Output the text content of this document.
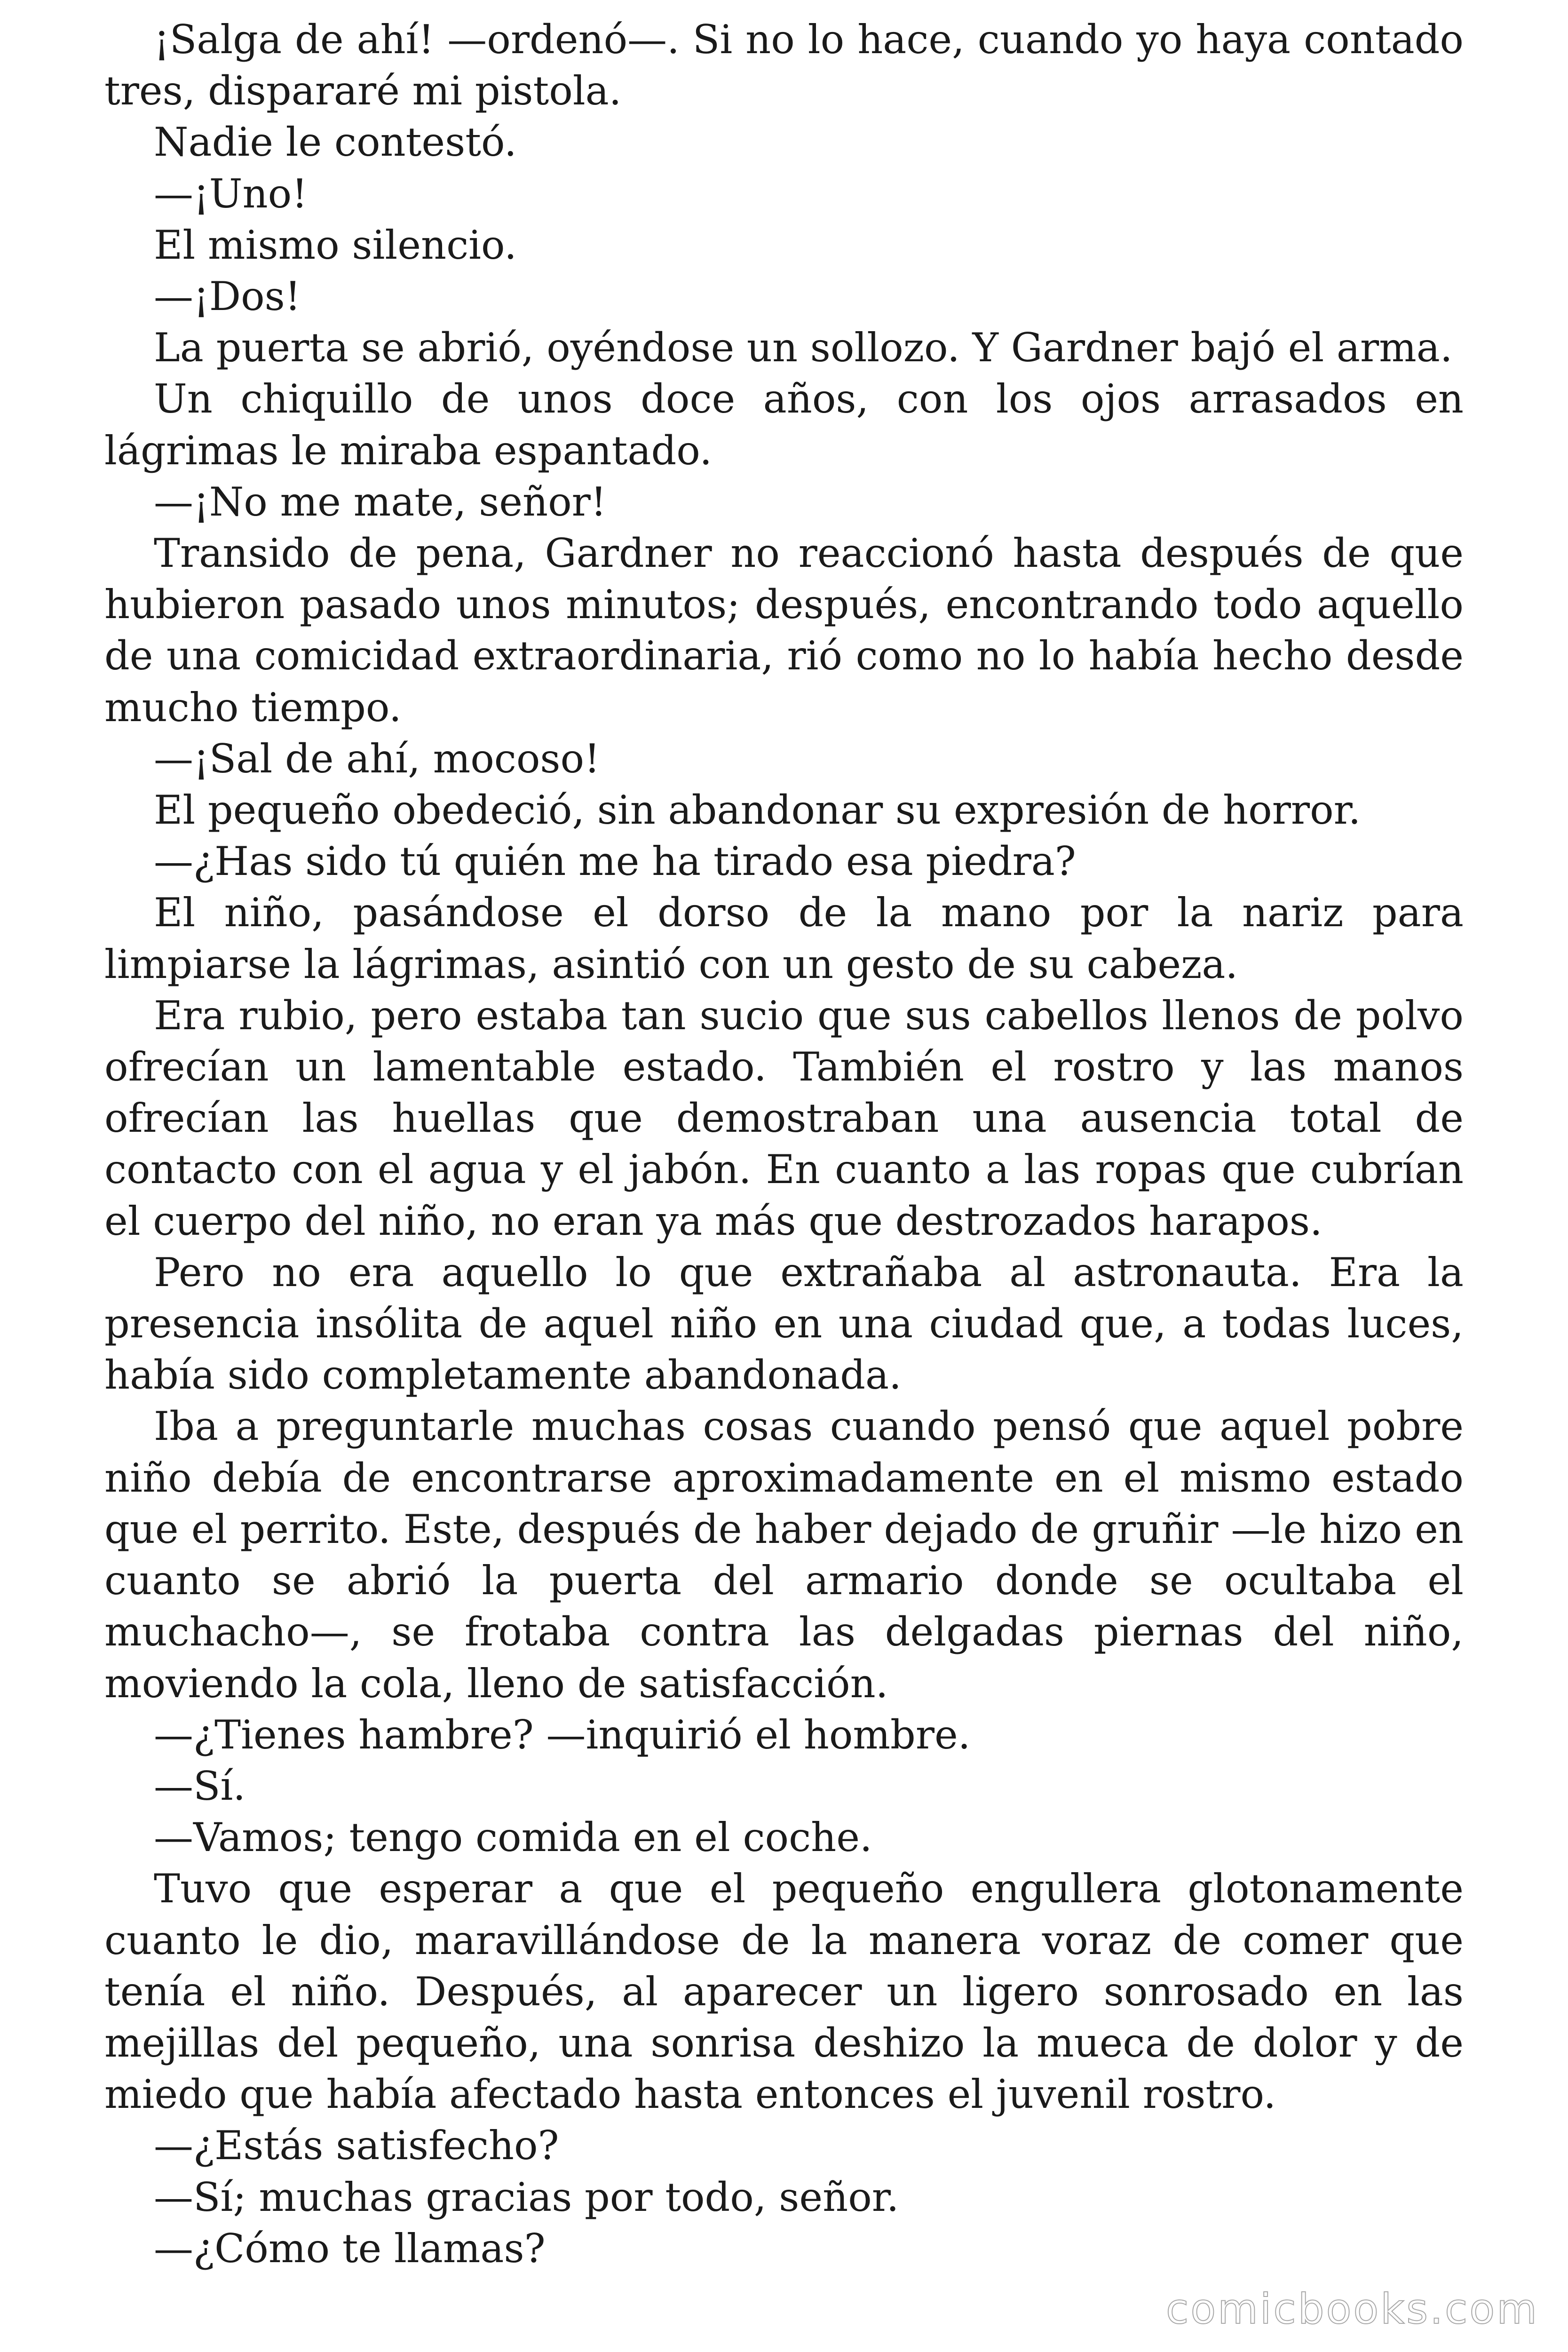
¡Salga de ahí! —ordenó—. Si no lo hace, cuando yo haya contado tres, dispararé mi pistola.

Nadie le contestó.

—¡Uno!

El mismo silencio.

—¡Dos!

La puerta se abrió, oyéndose un sollozo. Y Gardner bajó el arma.

Un chiquillo de unos doce años, con los ojos arrasados en lágrimas le miraba espantado.

—¡No me mate, señor!

Transido de pena, Gardner no reaccionó hasta después de que hubieron pasado unos minutos; después, encontrando todo aquello de una comicidad extraordinaria, rió como no lo había hecho desde mucho tiempo.

—¡Sal de ahí, mocoso!

El pequeño obedeció, sin abandonar su expresión de horror.

—¿Has sido tú quién me ha tirado esa piedra?

El niño, pasándose el dorso de la mano por la nariz para limpiarse la lágrimas, asintió con un gesto de su cabeza.

Era rubio, pero estaba tan sucio que sus cabellos llenos de polvo ofrecían un lamentable estado. También el rostro y las manos ofrecían las huellas que demostraban una ausencia total de contacto con el agua y el jabón. En cuanto a las ropas que cubrían el cuerpo del niño, no eran ya más que destrozados harapos.

Pero no era aquello lo que extrañaba al astronauta. Era la presencia insólita de aquel niño en una ciudad que, a todas luces, había sido completamente abandonada.

Iba a preguntarle muchas cosas cuando pensó que aquel pobre niño debía de encontrarse aproximadamente en el mismo estado que el perrito. Este, después de haber dejado de gruñir —le hizo en cuanto se abrió la puerta del armario donde se ocultaba el muchacho—, se frotaba contra las delgadas piernas del niño, moviendo la cola, lleno de satisfacción.

—¿Tienes hambre? —inquirió el hombre.

—Sí.

—Vamos; tengo comida en el coche.

Tuvo que esperar a que el pequeño engullera glotonamente cuanto le dio, maravillándose de la manera voraz de comer que tenía el niño. Después, al aparecer un ligero sonrosado en las mejillas del pequeño, una sonrisa deshizo la mueca de dolor y de miedo que había afectado hasta entonces el juvenil rostro.

—¿Estás satisfecho?

—Sí; muchas gracias por todo, señor.

—¿Cómo te llamas?

comicbooks.com
